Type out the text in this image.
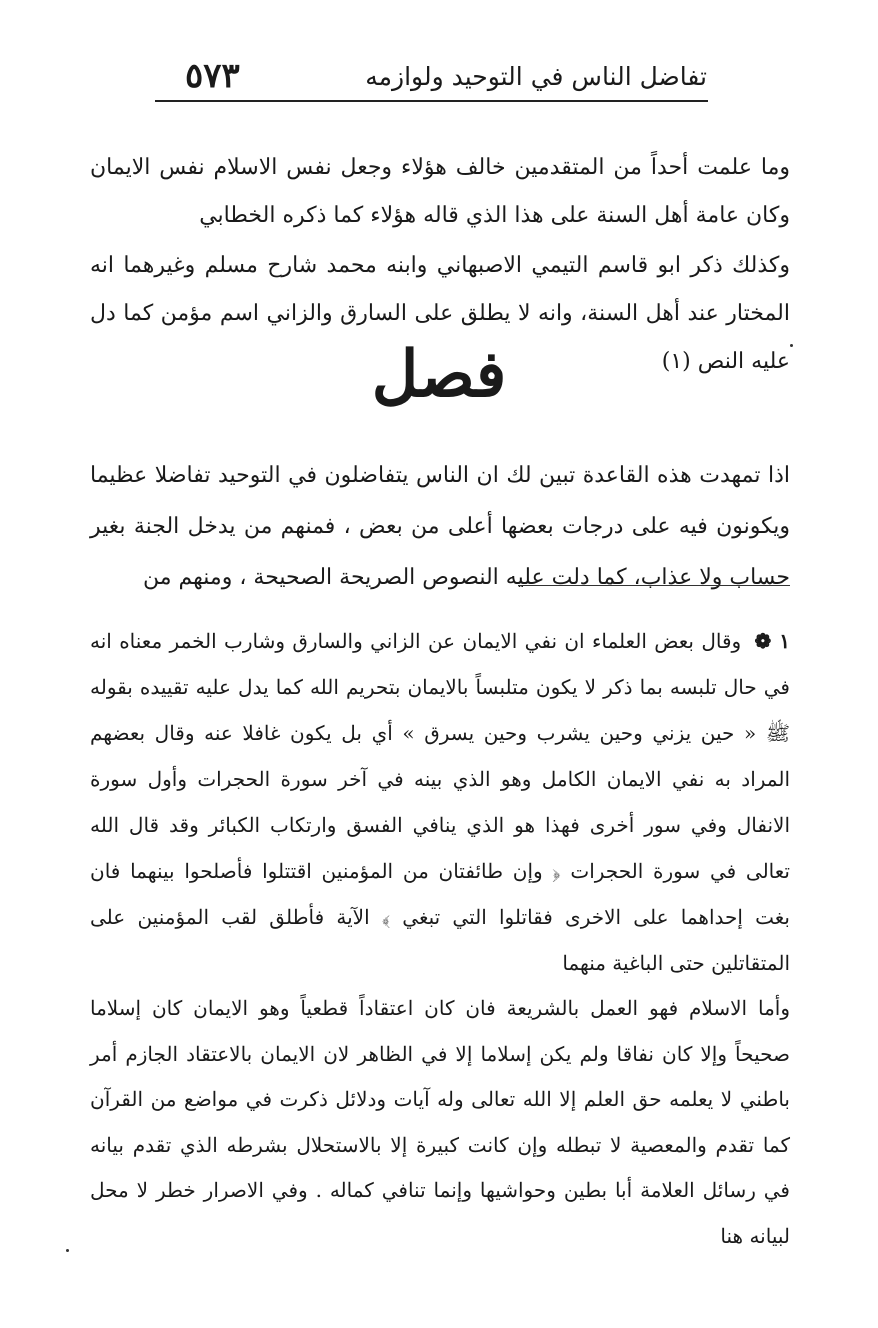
تفاضل الناس في التوحيد ولوازمه
٥٧٣

وما علمت أحداً من المتقدمين خالف هؤلاء وجعل نفس الاسلام نفس الايمان وكان عامة أهل السنة على هذا الذي قاله هؤلاء كما ذكره الخطابي

وكذلك ذكر ابو قاسم التيمي الاصبهاني وابنه محمد شارح مسلم وغيرهما انه المختار عند أهل السنة، وانه لا يطلق على السارق والزاني اسم مؤمن كما دل عليه النص (١)

فصل

اذا تمهدت هذه القاعدة تبين لك ان الناس يتفاضلون في التوحيد تفاضلا عظيما ويكونون فيه على درجات بعضها أعلى من بعض ، فمنهم من يدخل الجنة بغير حساب ولا عذاب، كما دلت عليه النصوص الصريحة الصحيحة ، ومنهم من

١ ❁ وقال بعض العلماء ان نفي الايمان عن الزاني والسارق وشارب الخمر معناه انه في حال تلبسه بما ذكر لا يكون متلبساً بالايمان بتحريم الله كما يدل عليه تقييده بقوله ﷺ « حين يزني وحين يشرب وحين يسرق » أي بل يكون غافلا عنه وقال بعضهم المراد به نفي الايمان الكامل وهو الذي بينه في آخر سورة الحجرات وأول سورة الانفال وفي سور أخرى فهذا هو الذي ينافي الفسق وارتكاب الكبائر وقد قال الله تعالى في سورة الحجرات ﴿ وإن طائفتان من المؤمنين اقتتلوا فأصلحوا بينهما فان بغت إحداهما على الاخرى فقاتلوا التي تبغي ﴾ الآية فأطلق لقب المؤمنين على المتقاتلين حتى الباغية منهما

وأما الاسلام فهو العمل بالشريعة فان كان اعتقاداً قطعياً وهو الايمان كان إسلاما صحيحاً وإلا كان نفاقا ولم يكن إسلاما إلا في الظاهر لان الايمان بالاعتقاد الجازم أمر باطني لا يعلمه حق العلم إلا الله تعالى وله آيات ودلائل ذكرت في مواضع من القرآن كما تقدم والمعصية لا تبطله وإن كانت كبيرة إلا بالاستحلال بشرطه الذي تقدم بيانه في رسائل العلامة أبا بطين وحواشيها وإنما تنافي كماله . وفي الاصرار خطر لا محل لبيانه هنا
